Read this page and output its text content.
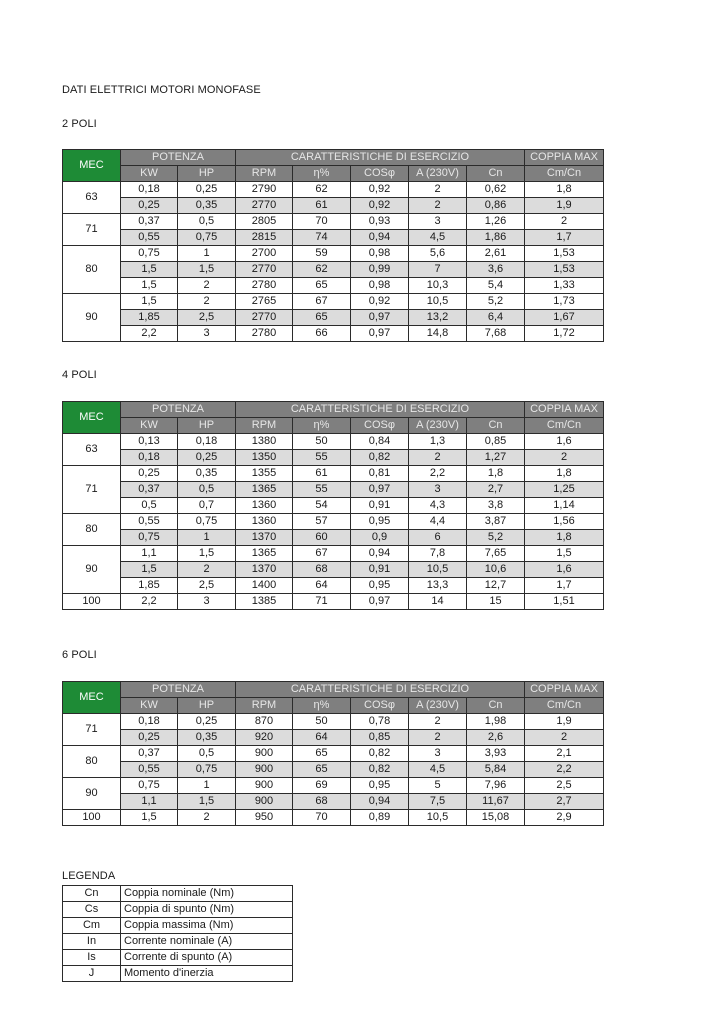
DATI ELETTRICI MOTORI MONOFASE
2 POLI
MEC	POTENZA		CARATTERISTICHE DI ESERCIZIO					COPPIA MAX
	KW	HP	RPM	η%	COSφ	A (230V)	Cn	Cm/Cn
63	0,18	0,25	2790	62	0,92	2	0,62	1,8
	0,25	0,35	2770	61	0,92	2	0,86	1,9
71	0,37	0,5	2805	70	0,93	3	1,26	2
	0,55	0,75	2815	74	0,94	4,5	1,86	1,7
80	0,75	1	2700	59	0,98	5,6	2,61	1,53
	1,5	1,5	2770	62	0,99	7	3,6	1,53
	1,5	2	2780	65	0,98	10,3	5,4	1,33
90	1,5	2	2765	67	0,92	10,5	5,2	1,73
	1,85	2,5	2770	65	0,97	13,2	6,4	1,67
	2,2	3	2780	66	0,97	14,8	7,68	1,72
4 POLI
MEC	POTENZA		CARATTERISTICHE DI ESERCIZIO					COPPIA MAX
	KW	HP	RPM	η%	COSφ	A (230V)	Cn	Cm/Cn
63	0,13	0,18	1380	50	0,84	1,3	0,85	1,6
	0,18	0,25	1350	55	0,82	2	1,27	2
71	0,25	0,35	1355	61	0,81	2,2	1,8	1,8
	0,37	0,5	1365	55	0,97	3	2,7	1,25
	0,5	0,7	1360	54	0,91	4,3	3,8	1,14
80	0,55	0,75	1360	57	0,95	4,4	3,87	1,56
	0,75	1	1370	60	0,9	6	5,2	1,8
90	1,1	1,5	1365	67	0,94	7,8	7,65	1,5
	1,5	2	1370	68	0,91	10,5	10,6	1,6
	1,85	2,5	1400	64	0,95	13,3	12,7	1,7
100	2,2	3	1385	71	0,97	14	15	1,51
6 POLI
MEC	POTENZA		CARATTERISTICHE DI ESERCIZIO					COPPIA MAX
	KW	HP	RPM	η%	COSφ	A (230V)	Cn	Cm/Cn
71	0,18	0,25	870	50	0,78	2	1,98	1,9
	0,25	0,35	920	64	0,85	2	2,6	2
80	0,37	0,5	900	65	0,82	3	3,93	2,1
	0,55	0,75	900	65	0,82	4,5	5,84	2,2
90	0,75	1	900	69	0,95	5	7,96	2,5
	1,1	1,5	900	68	0,94	7,5	11,67	2,7
100	1,5	2	950	70	0,89	10,5	15,08	2,9
LEGENDA
Cn	Coppia nominale (Nm)
Cs	Coppia di spunto (Nm)
Cm	Coppia massima (Nm)
In	Corrente nominale (A)
Is	Corrente di spunto (A)
J	Momento d'inerzia
